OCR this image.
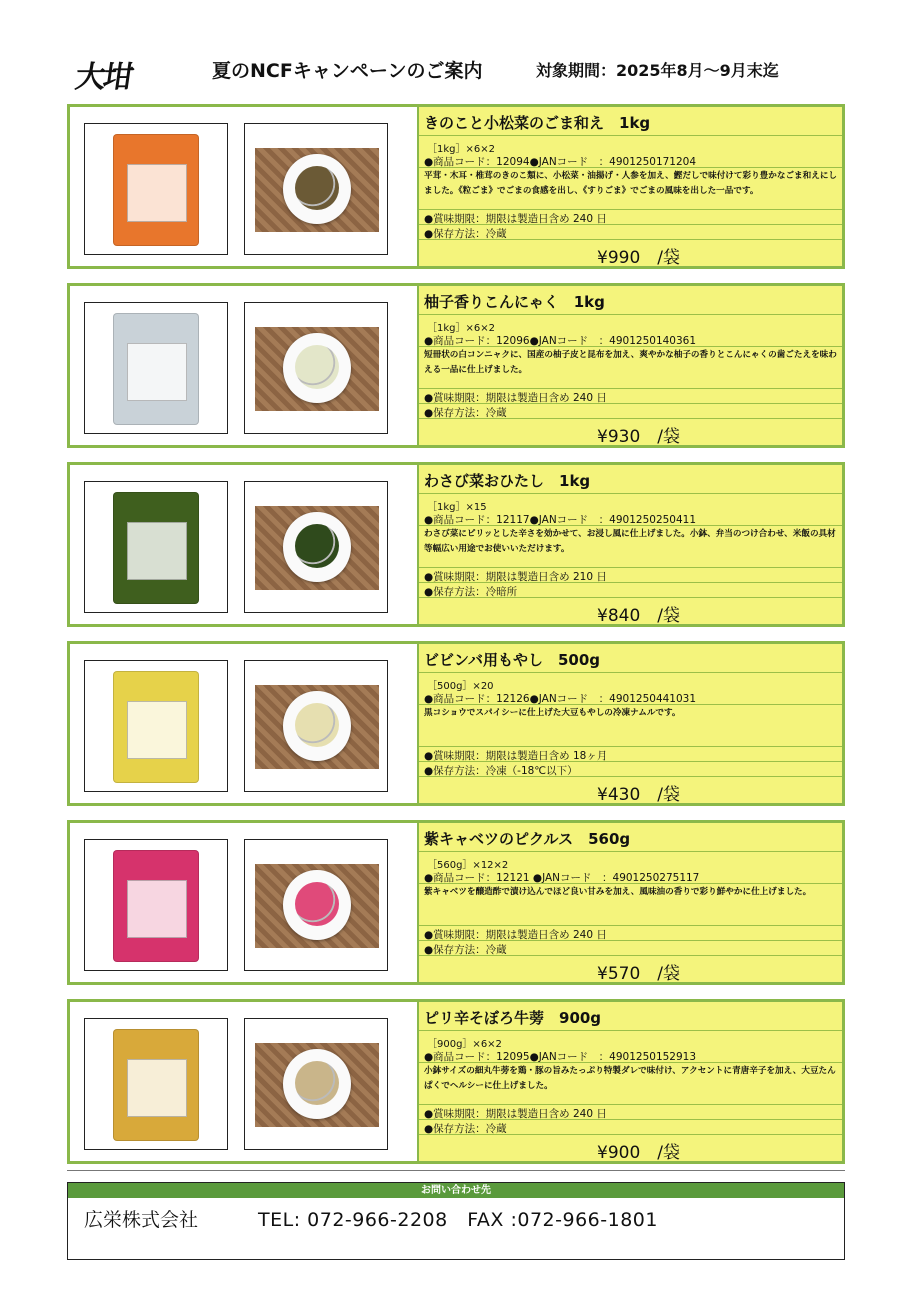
大坩	夏のNCFキャンペーンのご案内	対象期間：2025年8月〜9月末迄
きのこと小松菜のごま和え　1kg
［1kg］×6×2
●商品コード：12094●JANコード　：4901250171204
平茸・木耳・椎茸のきのこ類に、小松菜・油揚げ・人参を加え、鰹だしで味付けて彩り豊かなごま和えにしました。《粒ごま》でごまの食感を出し、《すりごま》でごまの風味を出した一品です。
●賞味期限：期限は製造日含め 240 日
●保存方法：冷蔵
¥990　/袋
柚子香りこんにゃく　1kg
［1kg］×6×2
●商品コード：12096●JANコード　：4901250140361
短冊状の白コンニャクに、国産の柚子皮と昆布を加え、爽やかな柚子の香りとこんにゃくの歯ごたえを味わえる一品に仕上げました。
●賞味期限：期限は製造日含め 240 日
●保存方法：冷蔵
¥930　/袋
わさび菜おひたし　1kg
［1kg］×15
●商品コード：12117●JANコード　：4901250250411
わさび菜にピリッとした辛さを効かせて、お浸し風に仕上げました。小鉢、弁当のつけ合わせ、米飯の具材等幅広い用途でお使いいただけます。
●賞味期限：期限は製造日含め 210 日
●保存方法：冷暗所
¥840　/袋
ビビンバ用もやし　500g
［500g］×20
●商品コード：12126●JANコード　：4901250441031
黒コショウでスパイシーに仕上げた大豆もやしの冷凍ナムルです。
●賞味期限：期限は製造日含め 18ヶ月
●保存方法：冷凍（-18℃以下）
¥430　/袋
紫キャベツのピクルス　560g
［560g］×12×2
●商品コード：12121 ●JANコード　：4901250275117
紫キャベツを醸造酢で漬け込んでほど良い甘みを加え、風味油の香りで彩り鮮やかに仕上げました。
●賞味期限：期限は製造日含め 240 日
●保存方法：冷蔵
¥570　/袋
ピリ辛そぼろ牛蒡　900g
［900g］×6×2
●商品コード：12095●JANコード　：4901250152913
小鉢サイズの細丸牛蒡を鶏・豚の旨みたっぷり特製ダレで味付け、アクセントに青唐辛子を加え、大豆たんぱくでヘルシーに仕上げました。
●賞味期限：期限は製造日含め 240 日
●保存方法：冷蔵
¥900　/袋
お問い合わせ先
広栄株式会社	TEL: 072-966-2208　FAX :072-966-1801
